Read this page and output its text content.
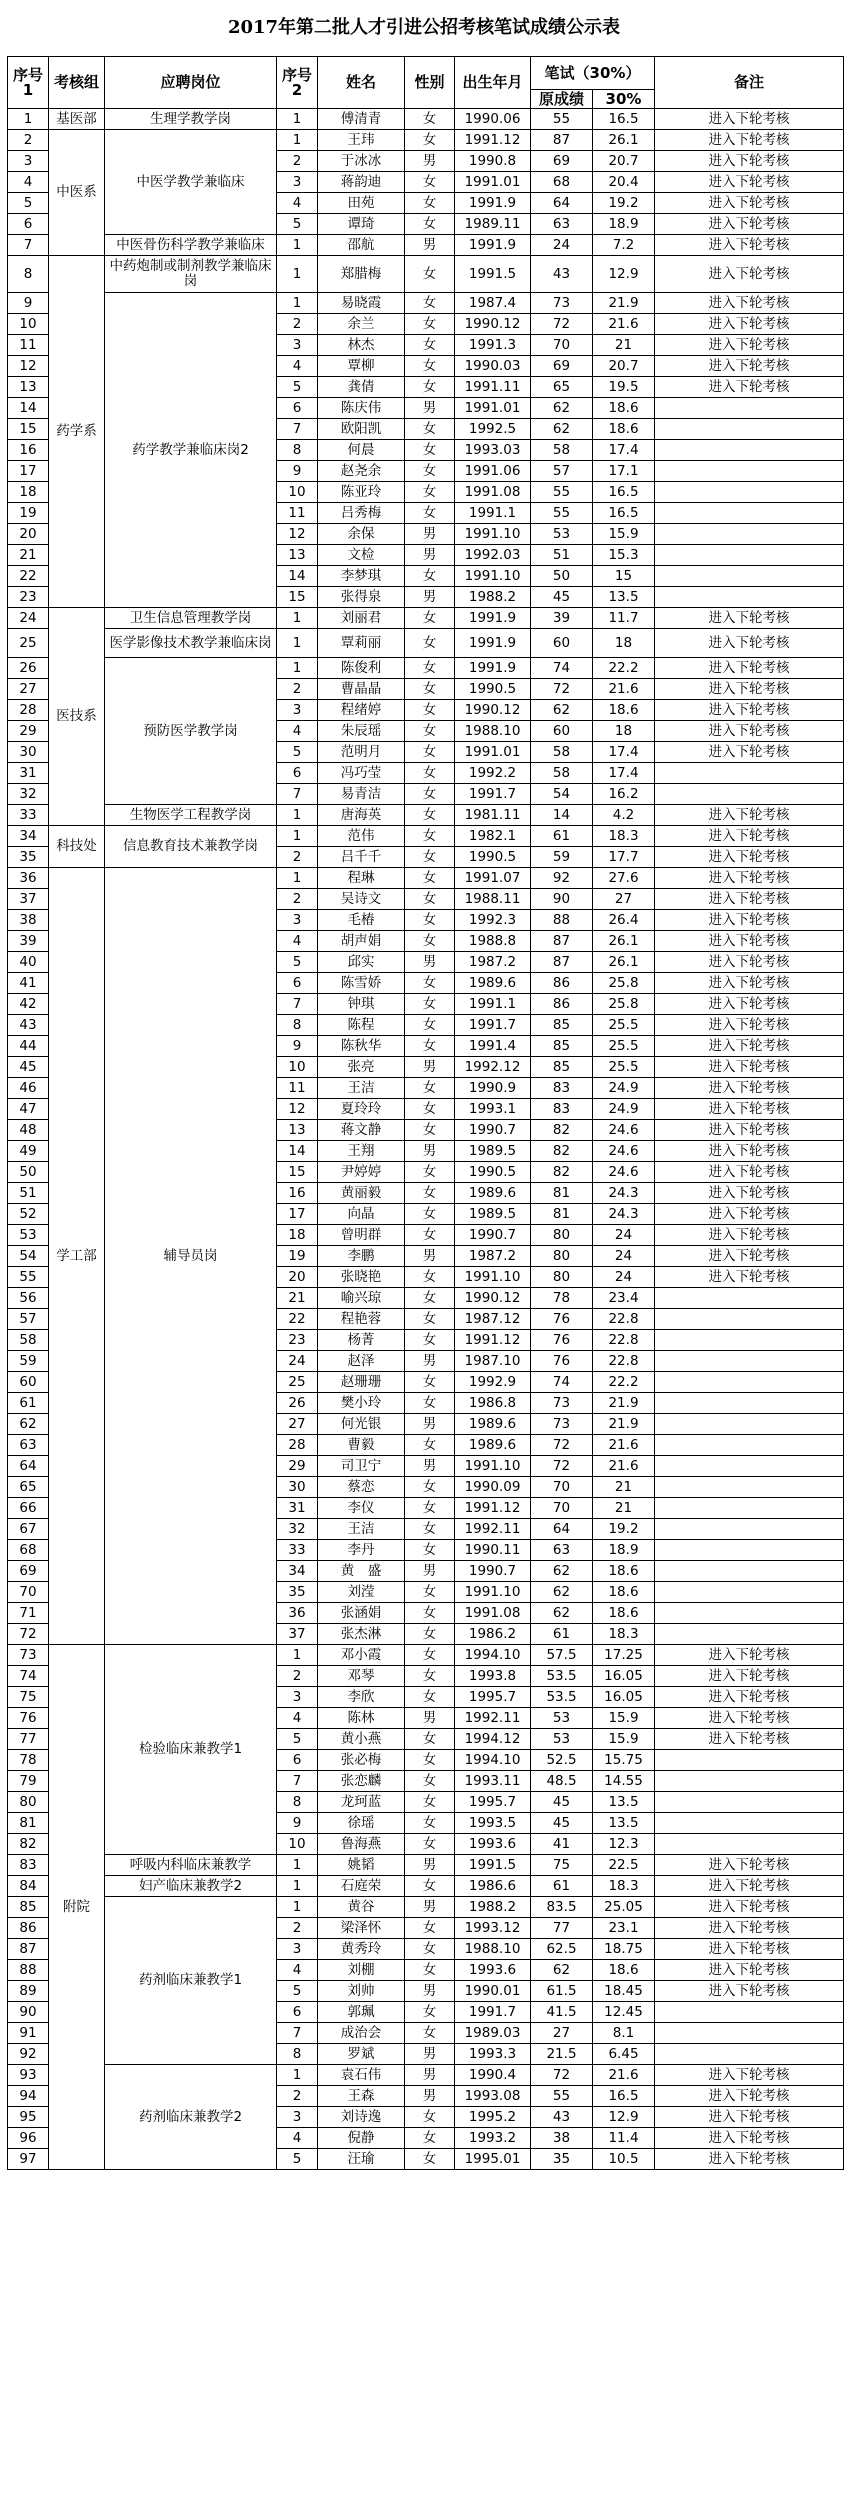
2017年第二批人才引进公招考核笔试成绩公示表
序号1	考核组	应聘岗位	序号2	姓名	性别	出生年月	笔试（30%）		备注
							原成绩	30%	
1	基医部	生理学教学岗	1	傅清青	女	1990.06	55	16.5	进入下轮考核
2	中医系	中医学教学兼临床	1	王玮	女	1991.12	87	26.1	进入下轮考核
3			2	于冰冰	男	1990.8	69	20.7	进入下轮考核
4			3	蒋韵迪	女	1991.01	68	20.4	进入下轮考核
5			4	田苑	女	1991.9	64	19.2	进入下轮考核
6			5	谭琦	女	1989.11	63	18.9	进入下轮考核
7		中医骨伤科学教学兼临床	1	邵航	男	1991.9	24	7.2	进入下轮考核
8	药学系	中药炮制或制剂教学兼临床岗	1	郑腊梅	女	1991.5	43	12.9	进入下轮考核
9		药学教学兼临床岗2	1	易晓霞	女	1987.4	73	21.9	进入下轮考核
10			2	余兰	女	1990.12	72	21.6	进入下轮考核
11			3	林杰	女	1991.3	70	21	进入下轮考核
12			4	覃柳	女	1990.03	69	20.7	进入下轮考核
13			5	龚倩	女	1991.11	65	19.5	进入下轮考核
14			6	陈庆伟	男	1991.01	62	18.6	
15			7	欧阳凯	女	1992.5	62	18.6	
16			8	何晨	女	1993.03	58	17.4	
17			9	赵尧余	女	1991.06	57	17.1	
18			10	陈亚玲	女	1991.08	55	16.5	
19			11	吕秀梅	女	1991.1	55	16.5	
20			12	余保	男	1991.10	53	15.9	
21			13	文检	男	1992.03	51	15.3	
22			14	李梦琪	女	1991.10	50	15	
23			15	张得泉	男	1988.2	45	13.5	
24	医技系	卫生信息管理教学岗	1	刘丽君	女	1991.9	39	11.7	进入下轮考核
25		医学影像技术教学兼临床岗	1	覃莉丽	女	1991.9	60	18	进入下轮考核
26		预防医学教学岗	1	陈俊利	女	1991.9	74	22.2	进入下轮考核
27			2	曹晶晶	女	1990.5	72	21.6	进入下轮考核
28			3	程绪婷	女	1990.12	62	18.6	进入下轮考核
29			4	朱辰瑶	女	1988.10	60	18	进入下轮考核
30			5	范明月	女	1991.01	58	17.4	进入下轮考核
31			6	冯巧莹	女	1992.2	58	17.4	
32			7	易青洁	女	1991.7	54	16.2	
33		生物医学工程教学岗	1	唐海英	女	1981.11	14	4.2	进入下轮考核
34	科技处	信息教育技术兼教学岗	1	范伟	女	1982.1	61	18.3	进入下轮考核
35			2	吕千千	女	1990.5	59	17.7	进入下轮考核
36	学工部	辅导员岗	1	程琳	女	1991.07	92	27.6	进入下轮考核
37			2	吴诗文	女	1988.11	90	27	进入下轮考核
38			3	毛椿	女	1992.3	88	26.4	进入下轮考核
39			4	胡声娟	女	1988.8	87	26.1	进入下轮考核
40			5	邱实	男	1987.2	87	26.1	进入下轮考核
41			6	陈雪娇	女	1989.6	86	25.8	进入下轮考核
42			7	钟琪	女	1991.1	86	25.8	进入下轮考核
43			8	陈程	女	1991.7	85	25.5	进入下轮考核
44			9	陈秋华	女	1991.4	85	25.5	进入下轮考核
45			10	张亮	男	1992.12	85	25.5	进入下轮考核
46			11	王洁	女	1990.9	83	24.9	进入下轮考核
47			12	夏玲玲	女	1993.1	83	24.9	进入下轮考核
48			13	蒋文静	女	1990.7	82	24.6	进入下轮考核
49			14	王翔	男	1989.5	82	24.6	进入下轮考核
50			15	尹婷婷	女	1990.5	82	24.6	进入下轮考核
51			16	黄丽毅	女	1989.6	81	24.3	进入下轮考核
52			17	向晶	女	1989.5	81	24.3	进入下轮考核
53			18	曾明群	女	1990.7	80	24	进入下轮考核
54			19	李鹏	男	1987.2	80	24	进入下轮考核
55			20	张晓艳	女	1991.10	80	24	进入下轮考核
56			21	喻兴琼	女	1990.12	78	23.4	
57			22	程艳蓉	女	1987.12	76	22.8	
58			23	杨菁	女	1991.12	76	22.8	
59			24	赵泽	男	1987.10	76	22.8	
60			25	赵珊珊	女	1992.9	74	22.2	
61			26	樊小玲	女	1986.8	73	21.9	
62			27	何光银	男	1989.6	73	21.9	
63			28	曹毅	女	1989.6	72	21.6	
64			29	司卫宁	男	1991.10	72	21.6	
65			30	蔡恋	女	1990.09	70	21	
66			31	李仪	女	1991.12	70	21	
67			32	王洁	女	1992.11	64	19.2	
68			33	李丹	女	1990.11	63	18.9	
69			34	黄　盛	男	1990.7	62	18.6	
70			35	刘滢	女	1991.10	62	18.6	
71			36	张涵娟	女	1991.08	62	18.6	
72			37	张杰淋	女	1986.2	61	18.3	
73	附院	检验临床兼教学1	1	邓小霞	女	1994.10	57.5	17.25	进入下轮考核
74			2	邓琴	女	1993.8	53.5	16.05	进入下轮考核
75			3	李欣	女	1995.7	53.5	16.05	进入下轮考核
76			4	陈林	男	1992.11	53	15.9	进入下轮考核
77			5	黄小燕	女	1994.12	53	15.9	进入下轮考核
78			6	张必梅	女	1994.10	52.5	15.75	
79			7	张恋麟	女	1993.11	48.5	14.55	
80			8	龙珂蓝	女	1995.7	45	13.5	
81			9	徐瑶	女	1993.5	45	13.5	
82			10	鲁海燕	女	1993.6	41	12.3	
83		呼吸内科临床兼教学	1	姚韬	男	1991.5	75	22.5	进入下轮考核
84		妇产临床兼教学2	1	石庭荣	女	1986.6	61	18.3	进入下轮考核
85		药剂临床兼教学1	1	黄谷	男	1988.2	83.5	25.05	进入下轮考核
86			2	梁泽怀	女	1993.12	77	23.1	进入下轮考核
87			3	黄秀玲	女	1988.10	62.5	18.75	进入下轮考核
88			4	刘棚	女	1993.6	62	18.6	进入下轮考核
89			5	刘帅	男	1990.01	61.5	18.45	进入下轮考核
90			6	郭珮	女	1991.7	41.5	12.45	
91			7	成治会	女	1989.03	27	8.1	
92			8	罗斌	男	1993.3	21.5	6.45	
93		药剂临床兼教学2	1	袁石伟	男	1990.4	72	21.6	进入下轮考核
94			2	王森	男	1993.08	55	16.5	进入下轮考核
95			3	刘诗逸	女	1995.2	43	12.9	进入下轮考核
96			4	倪静	女	1993.2	38	11.4	进入下轮考核
97			5	汪瑜	女	1995.01	35	10.5	进入下轮考核
